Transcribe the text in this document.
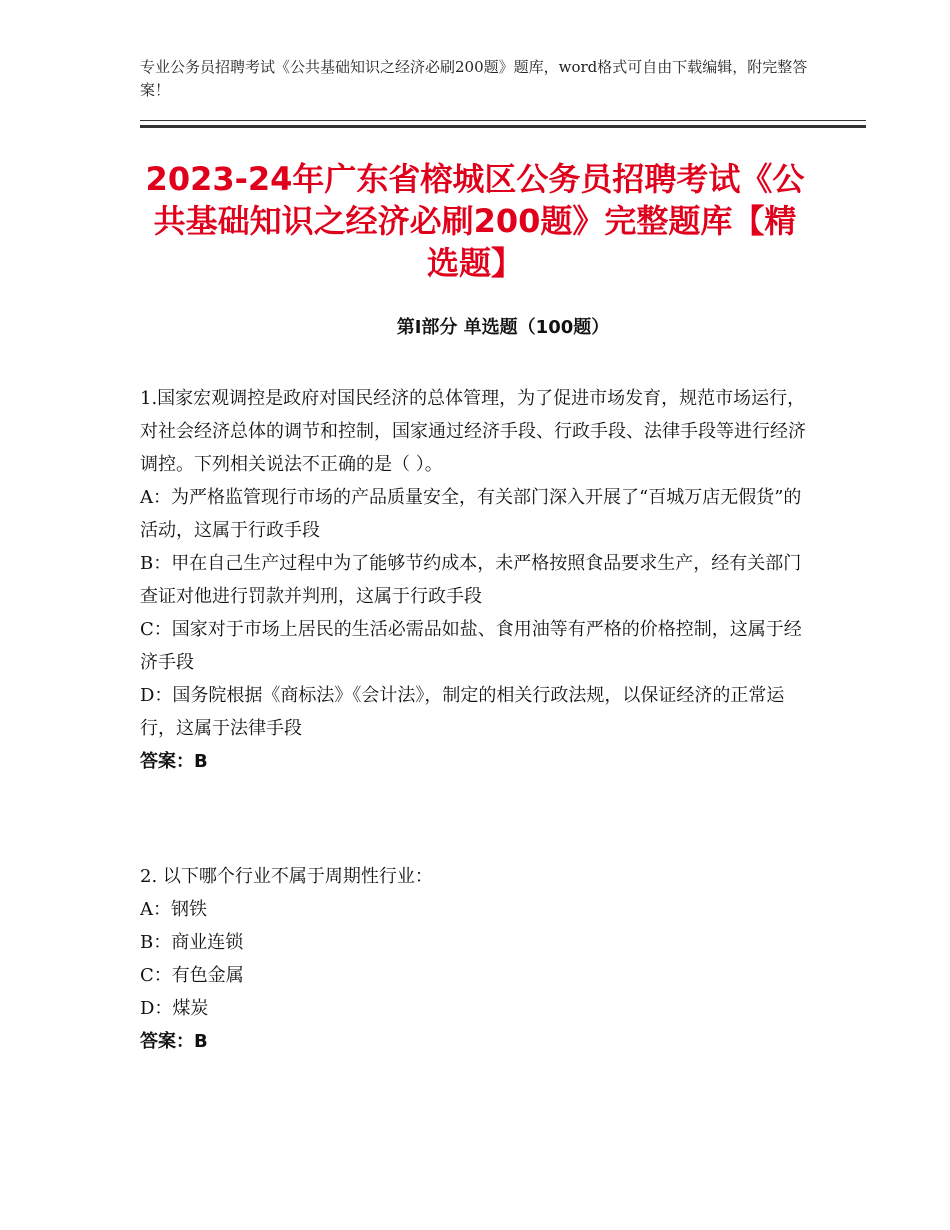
专业公务员招聘考试《公共基础知识之经济必刷200题》题库，word格式可自由下载编辑，附完整答案！
2023-24年广东省榕城区公务员招聘考试《公共基础知识之经济必刷200题》完整题库【精选题】
第Ⅰ部分 单选题（100题）
1.国家宏观调控是政府对国民经济的总体管理，为了促进市场发育，规范市场运行，对社会经济总体的调节和控制，国家通过经济手段、行政手段、法律手段等进行经济调控。下列相关说法不正确的是（ ）。
A：为严格监管现行市场的产品质量安全，有关部门深入开展了“百城万店无假货”的活动，这属于行政手段
B：甲在自己生产过程中为了能够节约成本，未严格按照食品要求生产，经有关部门查证对他进行罚款并判刑，这属于行政手段
C：国家对于市场上居民的生活必需品如盐、食用油等有严格的价格控制，这属于经济手段
D：国务院根据《商标法》《会计法》，制定的相关行政法规，以保证经济的正常运行，这属于法律手段
答案：B
2. 以下哪个行业不属于周期性行业：
A：钢铁
B：商业连锁
C：有色金属
D：煤炭
答案：B
